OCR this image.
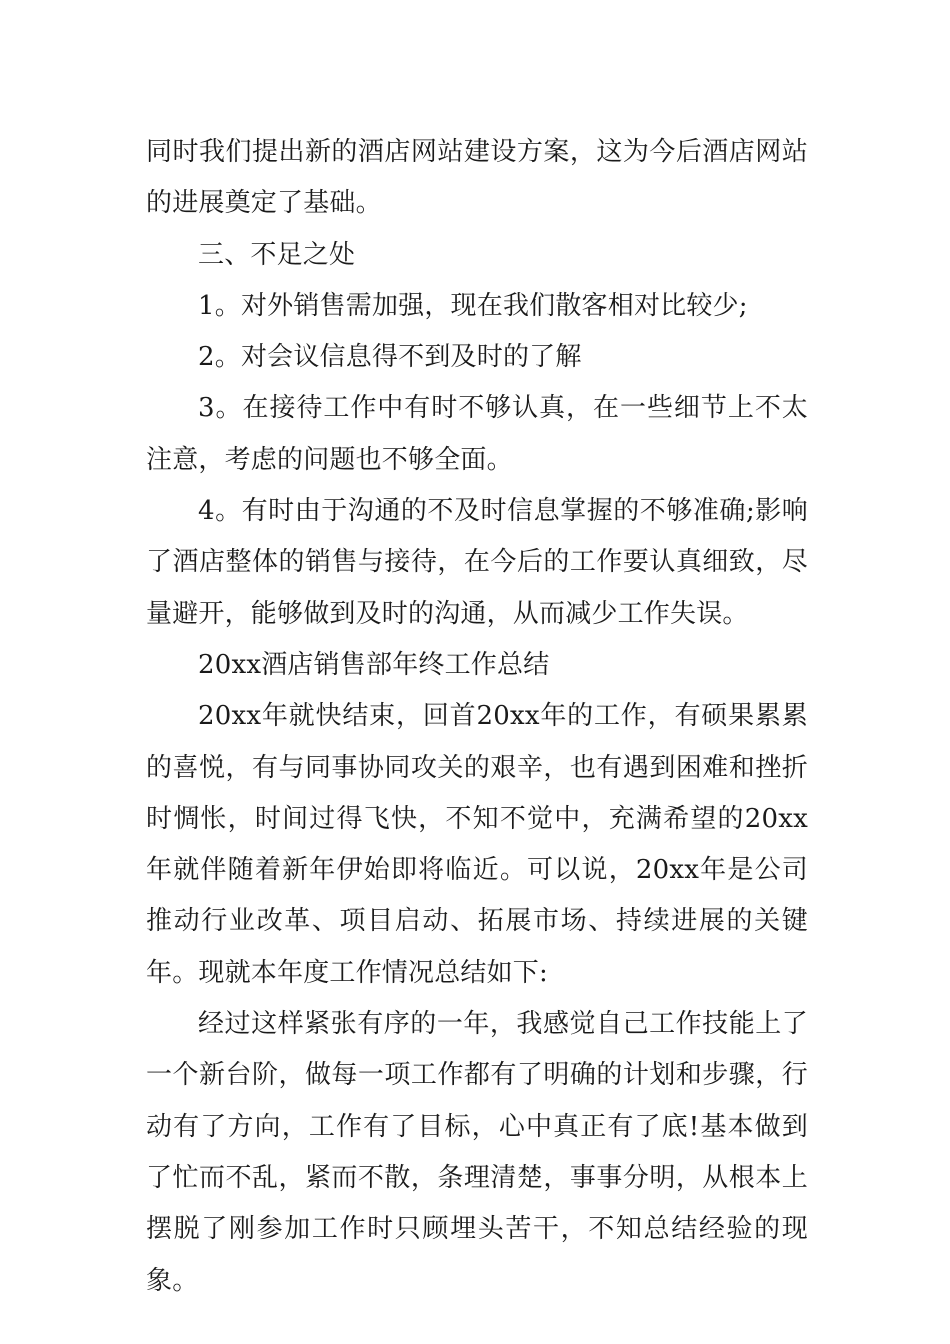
同时我们提出新的酒店网站建设方案，这为今后酒店网站的进展奠定了基础。

三、不足之处

1。对外销售需加强，现在我们散客相对比较少;

2。对会议信息得不到及时的了解

3。在接待工作中有时不够认真，在一些细节上不太注意，考虑的问题也不够全面。

4。有时由于沟通的不及时信息掌握的不够准确;影响了酒店整体的销售与接待，在今后的工作要认真细致，尽量避开，能够做到及时的沟通，从而减少工作失误。

20xx酒店销售部年终工作总结

20xx年就快结束，回首20xx年的工作，有硕果累累的喜悦，有与同事协同攻关的艰辛，也有遇到困难和挫折时惆怅，时间过得飞快，不知不觉中，充满希望的20xx年就伴随着新年伊始即将临近。可以说，20xx年是公司推动行业改革、项目启动、拓展市场、持续进展的关键年。现就本年度工作情况总结如下:

经过这样紧张有序的一年，我感觉自己工作技能上了一个新台阶，做每一项工作都有了明确的计划和步骤，行动有了方向，工作有了目标，心中真正有了底!基本做到了忙而不乱，紧而不散，条理清楚，事事分明，从根本上摆脱了刚参加工作时只顾埋头苦干，不知总结经验的现象。
